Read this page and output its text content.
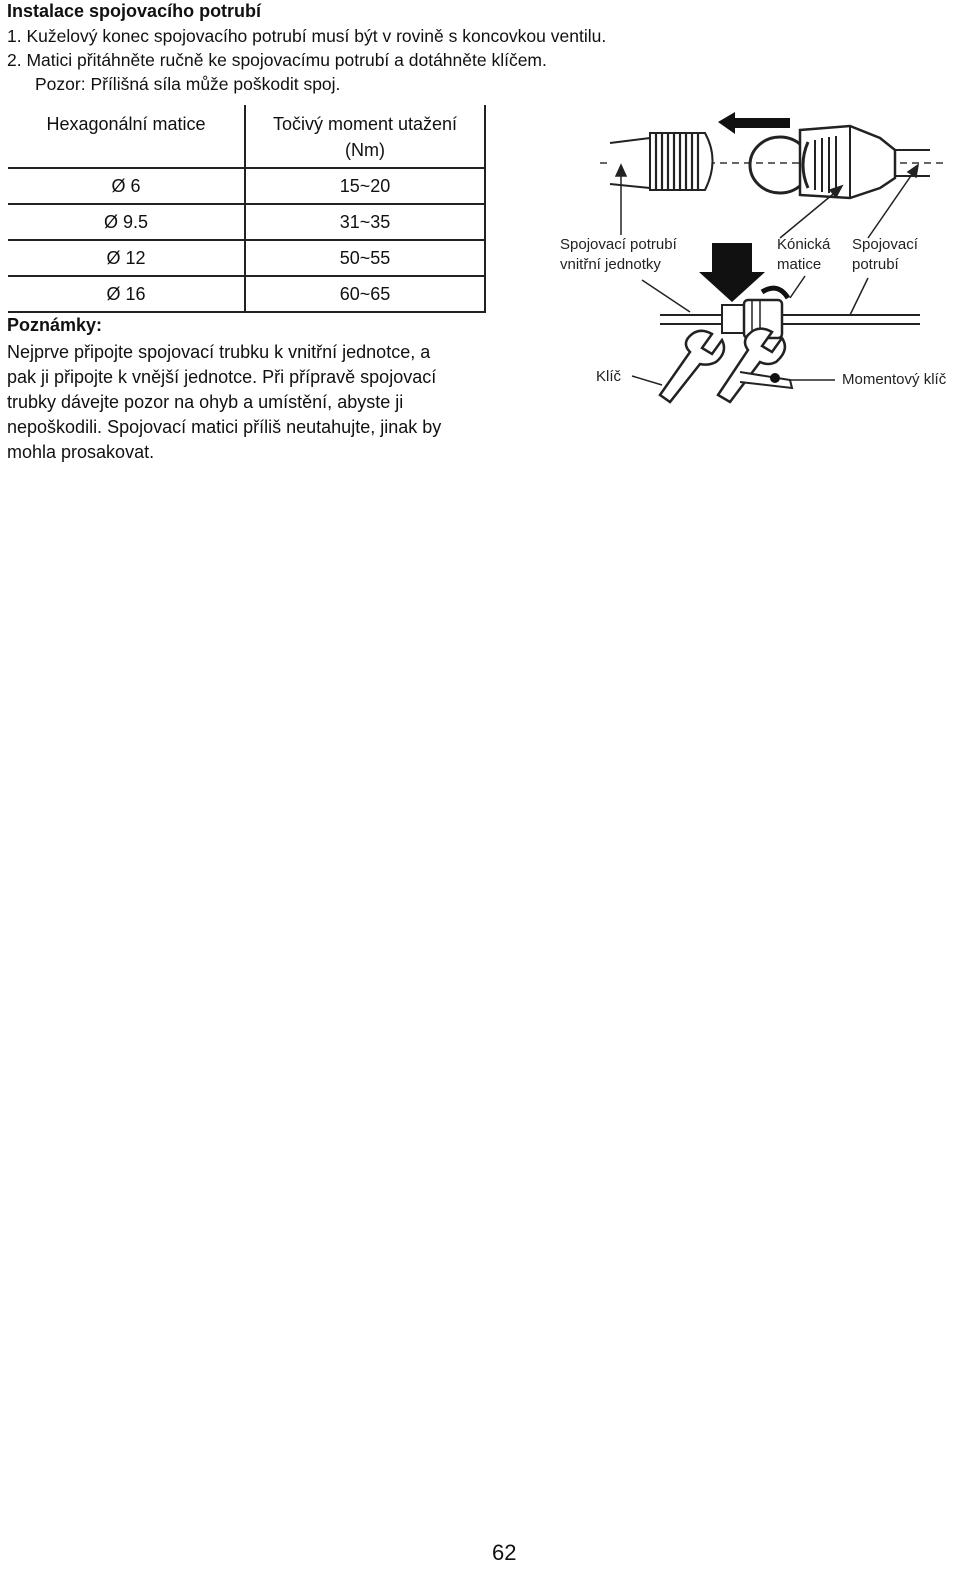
Instalace spojovacího potrubí
1. Kuželový konec spojovacího potrubí musí být v rovině s koncovkou ventilu.
2. Matici přitáhněte ručně ke spojovacímu potrubí a dotáhněte klíčem.
Pozor: Přílišná síla může poškodit spoj.
Hexagonální matice	Točivý moment utažení
(Nm)

Ø 6	15~20
Ø 9.5	31~35
Ø 12	50~55
Ø 16	60~65
Poznámky:
Nejprve připojte spojovací trubku k vnitřní jednotce, a
pak ji připojte k vnější jednotce. Při přípravě spojovací
trubky dávejte pozor na ohyb a umístění, abyste ji
nepoškodili. Spojovací matici příliš neutahujte, jinak by
mohla prosakovat.
Spojovací potrubí
vnitřní jednotky
Kónická
matice
Spojovací
potrubí
Klíč	Momentový klíč
62
